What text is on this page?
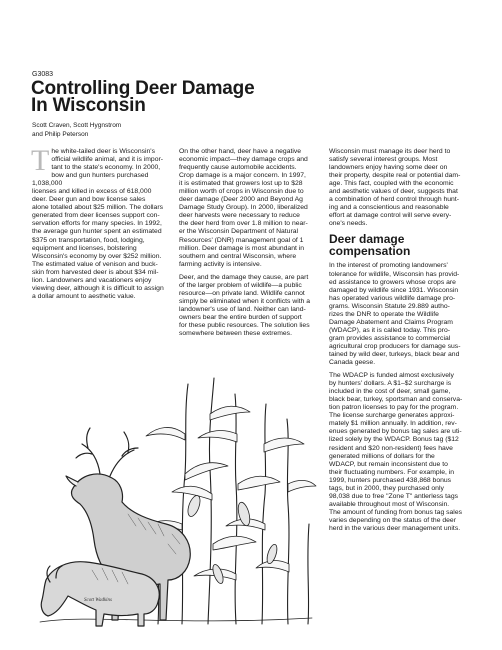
G3083
Controlling Deer Damage
In Wisconsin
Scott Craven, Scott Hygnstrom
and Philip Peterson

The white-tailed deer is Wisconsin's
official wildlife animal, and it is impor-
tant to the state's economy. In 2000,
bow and gun hunters purchased 1,038,000
licenses and killed in excess of 618,000
deer. Deer gun and bow license sales
alone totalled about $25 million. The dollars
generated from deer licenses support con-
servation efforts for many species. In 1992,
the average gun hunter spent an estimated
$375 on transportation, food, lodging,
equipment and licenses, bolstering
Wisconsin's economy by over $252 million.
The estimated value of venison and buck-
skin from harvested deer is about $34 mil-
lion. Landowners and vacationers enjoy
viewing deer, although it is difficult to assign
a dollar amount to aesthetic value.

On the other hand, deer have a negative
economic impact—they damage crops and
frequently cause automobile accidents.
Crop damage is a major concern. In 1997,
it is estimated that growers lost up to $28
million worth of crops in Wisconsin due to
deer damage (Deer 2000 and Beyond Ag
Damage Study Group). In 2000, liberalized
deer harvests were necessary to reduce
the deer herd from over 1.8 million to near-
er the Wisconsin Department of Natural
Resources' (DNR) management goal of 1
million. Deer damage is most abundant in
southern and central Wisconsin, where
farming activity is intensive.

Deer, and the damage they cause, are part
of the larger problem of wildlife—a public
resource—on private land. Wildlife cannot
simply be eliminated when it conflicts with a
landowner's use of land. Neither can land-
owners bear the entire burden of support
for these public resources. The solution lies
somewhere between these extremes.

Wisconsin must manage its deer herd to
satisfy several interest groups. Most
landowners enjoy having some deer on
their property, despite real or potential dam-
age. This fact, coupled with the economic
and aesthetic values of deer, suggests that
a combination of herd control through hunt-
ing and a conscientious and reasonable
effort at damage control will serve every-
one's needs.

Deer damage
compensation

In the interest of promoting landowners'
tolerance for wildlife, Wisconsin has provid-
ed assistance to growers whose crops are
damaged by wildlife since 1931. Wisconsin
has operated various wildlife damage pro-
grams. Wisconsin Statute 29.889 autho-
rizes the DNR to operate the Wildlife
Damage Abatement and Claims Program
(WDACP), as it is called today. This pro-
gram provides assistance to commercial
agricultural crop producers for damage sus-
tained by wild deer, turkeys, black bear and
Canada geese.

The WDACP is funded almost exclusively
by hunters' dollars. A $1–$2 surcharge is
included in the cost of deer, small game,
black bear, turkey, sportsman and conserva-
tion patron licenses to pay for the program.
The license surcharge generates approxi-
mately $1 million annually. In addition, rev-
enues generated by bonus tag sales are uti-
lized solely by the WDACP. Bonus tag ($12
resident and $20 non-resident) fees have
generated millions of dollars for the
WDACP, but remain inconsistent due to
their fluctuating numbers. For example, in
1999, hunters purchased 438,868 bonus
tags, but in 2000, they purchased only
98,038 due to free "Zone T" antlerless tags
available throughout most of Wisconsin.
The amount of funding from bonus tag sales
varies depending on the status of the deer
herd in the various deer management units.

Scott Wadkins
